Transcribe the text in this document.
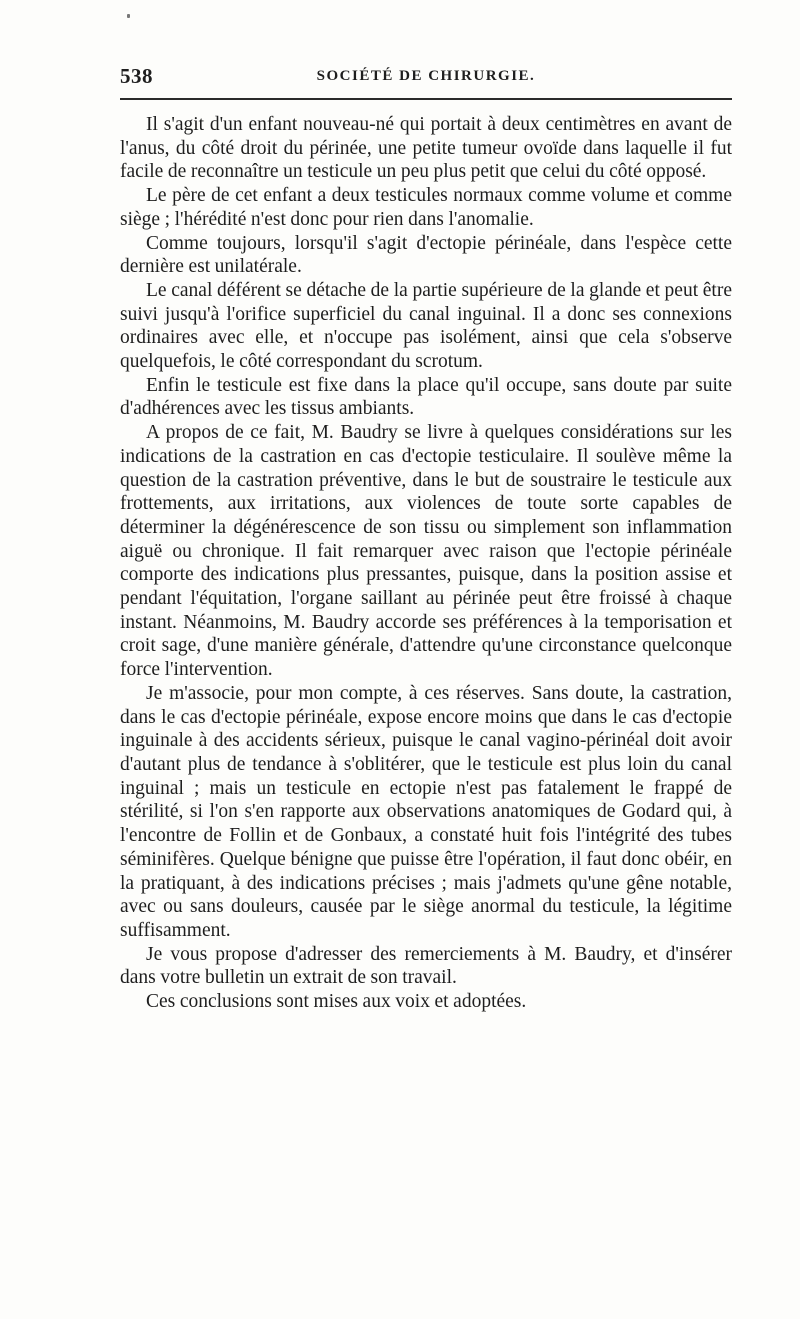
538	SOCIÉTÉ DE CHIRURGIE.

Il s'agit d'un enfant nouveau-né qui portait à deux centimètres en avant de l'anus, du côté droit du périnée, une petite tumeur ovoïde dans laquelle il fut facile de reconnaître un testicule un peu plus petit que celui du côté opposé.

Le père de cet enfant a deux testicules normaux comme volume et comme siège ; l'hérédité n'est donc pour rien dans l'anomalie.

Comme toujours, lorsqu'il s'agit d'ectopie périnéale, dans l'espèce cette dernière est unilatérale.

Le canal déférent se détache de la partie supérieure de la glande et peut être suivi jusqu'à l'orifice superficiel du canal inguinal. Il a donc ses connexions ordinaires avec elle, et n'occupe pas isolément, ainsi que cela s'observe quelquefois, le côté correspondant du scrotum.

Enfin le testicule est fixe dans la place qu'il occupe, sans doute par suite d'adhérences avec les tissus ambiants.

A propos de ce fait, M. Baudry se livre à quelques considérations sur les indications de la castration en cas d'ectopie testiculaire. Il soulève même la question de la castration préventive, dans le but de soustraire le testicule aux frottements, aux irritations, aux violences de toute sorte capables de déterminer la dégénérescence de son tissu ou simplement son inflammation aiguë ou chronique. Il fait remarquer avec raison que l'ectopie périnéale comporte des indications plus pressantes, puisque, dans la position assise et pendant l'équitation, l'organe saillant au périnée peut être froissé à chaque instant. Néanmoins, M. Baudry accorde ses préférences à la temporisation et croit sage, d'une manière générale, d'attendre qu'une circonstance quelconque force l'intervention.

Je m'associe, pour mon compte, à ces réserves. Sans doute, la castration, dans le cas d'ectopie périnéale, expose encore moins que dans le cas d'ectopie inguinale à des accidents sérieux, puisque le canal vagino-périnéal doit avoir d'autant plus de tendance à s'oblitérer, que le testicule est plus loin du canal inguinal ; mais un testicule en ectopie n'est pas fatalement le frappé de stérilité, si l'on s'en rapporte aux observations anatomiques de Godard qui, à l'encontre de Follin et de Gonbaux, a constaté huit fois l'intégrité des tubes séminifères. Quelque bénigne que puisse être l'opération, il faut donc obéir, en la pratiquant, à des indications précises ; mais j'admets qu'une gêne notable, avec ou sans douleurs, causée par le siège anormal du testicule, la légitime suffisamment.

Je vous propose d'adresser des remerciements à M. Baudry, et d'insérer dans votre bulletin un extrait de son travail.

Ces conclusions sont mises aux voix et adoptées.
